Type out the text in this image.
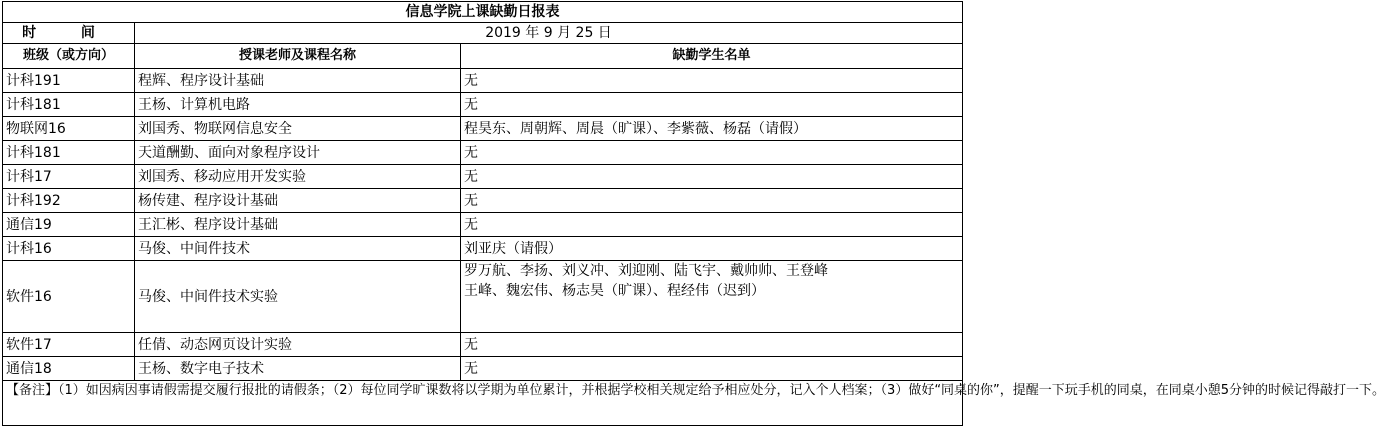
信息学院上课缺勤日报表		
时 间	2019 年 9 月 25 日	
班级（或方向）	授课老师及课程名称	缺勤学生名单
计科191	程辉、程序设计基础	无
计科181	王杨、计算机电路	无
物联网16	刘国秀、物联网信息安全	程昊东、周朝辉、周晨（旷课）、李紫薇、杨磊（请假）
计科181	天道酬勤、面向对象程序设计	无
计科17	刘国秀、移动应用开发实验	无
计科192	杨传建、程序设计基础	无
通信19	王汇彬、程序设计基础	无
计科16	马俊、中间件技术	刘亚庆（请假）
软件16	马俊、中间件技术实验	罗万航、李扬、刘义冲、刘迎刚、陆飞宇、戴帅帅、王登峰
王峰、魏宏伟、杨志昊（旷课）、程经伟（迟到）

软件17	任倩、动态网页设计实验	无
通信18	王杨、数字电子技术	无
【备注】（1）如因病因事请假需提交履行报批的请假条；（2）每位同学旷课数将以学期为单位累计，并根据学校相关规定给予相应处分，记入个人档案；（3）做好“同桌的你”，提醒一下玩手机的同桌，在同桌小憩5分钟的时候记得敲打一下。		
